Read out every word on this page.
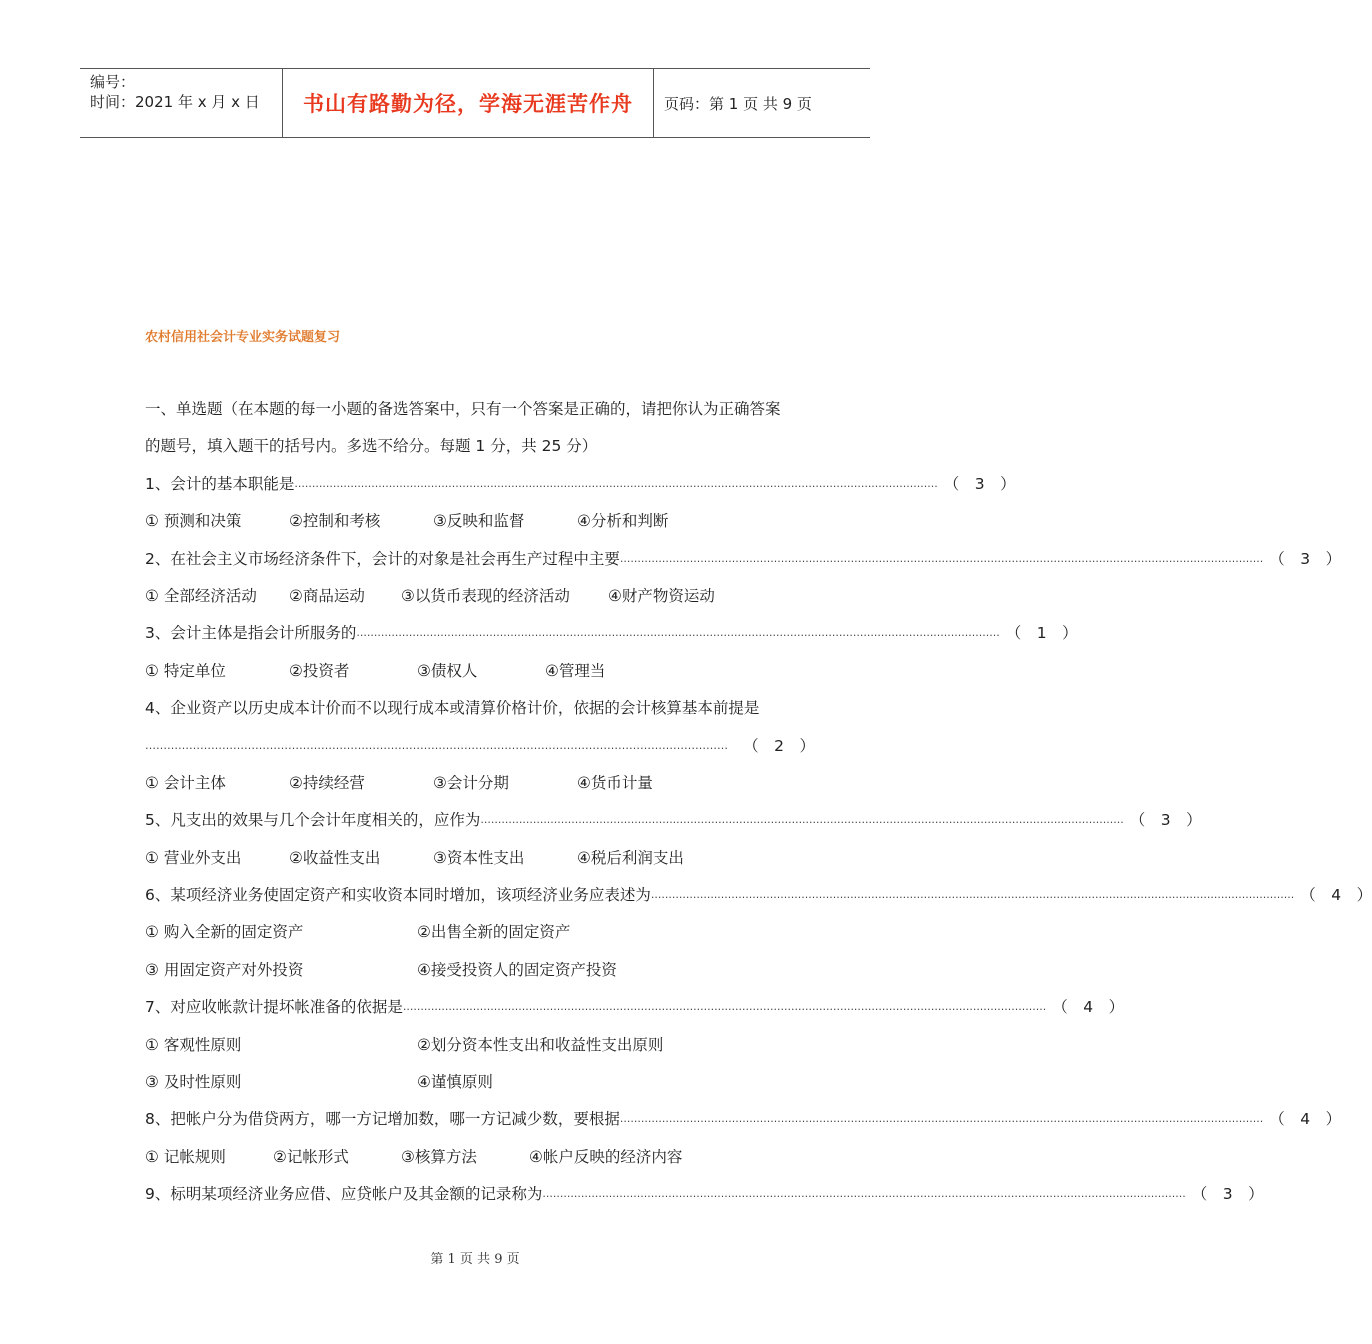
编号：
时间：2021 年 x 月 x 日	书山有路勤为径，学海无涯苦作舟	页码：第 1 页 共 9 页
农村信用社会计专业实务试题复习
一、单选题（在本题的每一小题的备选答案中，只有一个答案是正确的，请把你认为正确答案
的题号，填入题干的括号内。多选不给分。每题 1 分，共 25 分）
1、会计的基本职能是 ........................................................................................................................................................................................ （　3　）
① 预测和决策	②控制和考核	③反映和监督	④分析和判断
2、在社会主义市场经济条件下，会计的对象是社会再生产过程中主要 ........................................................................................................................................................................................ （　3　）
① 全部经济活动	②商品运动	③以货币表现的经济活动	④财产物资运动
3、会计主体是指会计所服务的 ........................................................................................................................................................................................ （　1　）
① 特定单位	②投资者	③债权人	④管理当
4、企业资产以历史成本计价而不以现行成本或清算价格计价，依据的会计核算基本前提是
…………………………………………………………………………………………………………………………………………… （　2　）
① 会计主体	②持续经营	③会计分期	④货币计量
5、凡支出的效果与几个会计年度相关的，应作为 ........................................................................................................................................................................................ （　3　）
① 营业外支出	②收益性支出	③资本性支出	④税后利润支出
6、某项经济业务使固定资产和实收资本同时增加，该项经济业务应表述为 ........................................................................................................................................................................................ （　4　）
① 购入全新的固定资产	②出售全新的固定资产
③ 用固定资产对外投资	④接受投资人的固定资产投资
7、对应收帐款计提坏帐准备的依据是 ........................................................................................................................................................................................ （　4　）
① 客观性原则	②划分资本性支出和收益性支出原则
③ 及时性原则	④谨慎原则
8、把帐户分为借贷两方，哪一方记增加数，哪一方记减少数，要根据 ........................................................................................................................................................................................ （　4　）
① 记帐规则	②记帐形式	③核算方法	④帐户反映的经济内容
9、标明某项经济业务应借、应贷帐户及其金额的记录称为 ........................................................................................................................................................................................ （　3　）
第 1 页 共 9 页
